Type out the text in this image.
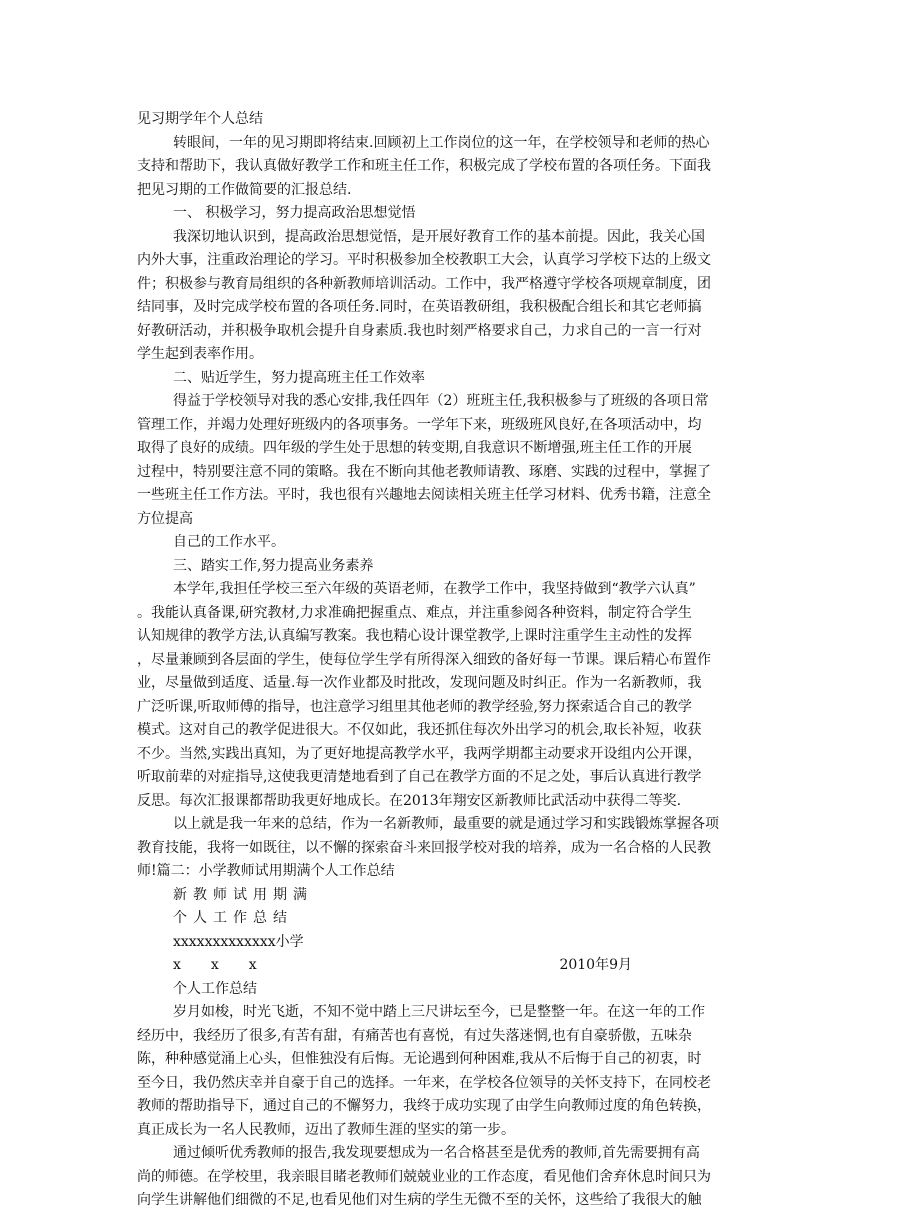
见习期学年个人总结
转眼间，一年的见习期即将结束.回顾初上工作岗位的这一年，在学校领导和老师的热心
支持和帮助下，我认真做好教学工作和班主任工作，积极完成了学校布置的各项任务。下面我
把见习期的工作做简要的汇报总结.
一、 积极学习，努力提高政治思想觉悟
我深切地认识到，提高政治思想觉悟，是开展好教育工作的基本前提。因此，我关心国
内外大事，注重政治理论的学习。平时积极参加全校教职工大会，认真学习学校下达的上级文
件；积极参与教育局组织的各种新教师培训活动。工作中，我严格遵守学校各项规章制度，团
结同事，及时完成学校布置的各项任务.同时，在英语教研组，我积极配合组长和其它老师搞
好教研活动，并积极争取机会提升自身素质.我也时刻严格要求自己，力求自己的一言一行对
学生起到表率作用。
二、贴近学生，努力提高班主任工作效率
得益于学校领导对我的悉心安排,我任四年（2）班班主任,我积极参与了班级的各项日常
管理工作，并竭力处理好班级内的各项事务。一学年下来，班级班风良好,在各项活动中，均
取得了良好的成绩。四年级的学生处于思想的转变期,自我意识不断增强,班主任工作的开展
过程中，特别要注意不同的策略。我在不断向其他老教师请教、琢磨、实践的过程中，掌握了
一些班主任工作方法。平时，我也很有兴趣地去阅读相关班主任学习材料、优秀书籍，注意全
方位提高
自己的工作水平。
三、踏实工作,努力提高业务素养
本学年,我担任学校三至六年级的英语老师，在教学工作中，我坚持做到“教学六认真”
。我能认真备课,研究教材,力求准确把握重点、难点，并注重参阅各种资料，制定符合学生
认知规律的教学方法,认真编写教案。我也精心设计课堂教学,上课时注重学生主动性的发挥
，尽量兼顾到各层面的学生，使每位学生学有所得深入细致的备好每一节课。课后精心布置作
业，尽量做到适度、适量.每一次作业都及时批改，发现问题及时纠正。作为一名新教师，我
广泛听课,听取师傅的指导，也注意学习组里其他老师的教学经验,努力探索适合自己的教学
模式。这对自己的教学促进很大。不仅如此，我还抓住每次外出学习的机会,取长补短，收获
不少。当然,实践出真知，为了更好地提高教学水平，我两学期都主动要求开设组内公开课，
听取前辈的对症指导,这使我更清楚地看到了自己在教学方面的不足之处，事后认真进行教学
反思。每次汇报课都帮助我更好地成长。在2013年翔安区新教师比武活动中获得二等奖.
以上就是我一年来的总结，作为一名新教师，最重要的就是通过学习和实践锻炼掌握各项
教育技能，我将一如既往，以不懈的探索奋斗来回报学校对我的培养，成为一名合格的人民教
师!篇二：小学教师试用期满个人工作总结
新教师试用期满
个人工作总结
xxxxxxxxxxxxx小学
xxx	2010年9月
个人工作总结
岁月如梭，时光飞逝，不知不觉中踏上三尺讲坛至今，已是整整一年。在这一年的工作
经历中，我经历了很多,有苦有甜，有痛苦也有喜悦，有过失落迷惘,也有自豪骄傲，五味杂
陈，种种感觉涌上心头，但惟独没有后悔。无论遇到何种困难,我从不后悔于自己的初衷，时
至今日，我仍然庆幸并自豪于自己的选择。一年来，在学校各位领导的关怀支持下，在同校老
教师的帮助指导下，通过自己的不懈努力，我终于成功实现了由学生向教师过度的角色转换，
真正成长为一名人民教师，迈出了教师生涯的坚实的第一步。
通过倾听优秀教师的报告,我发现要想成为一名合格甚至是优秀的教师,首先需要拥有高
尚的师德。在学校里，我亲眼目睹老教师们兢兢业业的工作态度，看见他们舍弃休息时间只为
向学生讲解他们细微的不足,也看见他们对生病的学生无微不至的关怀，这些给了我很大的触
